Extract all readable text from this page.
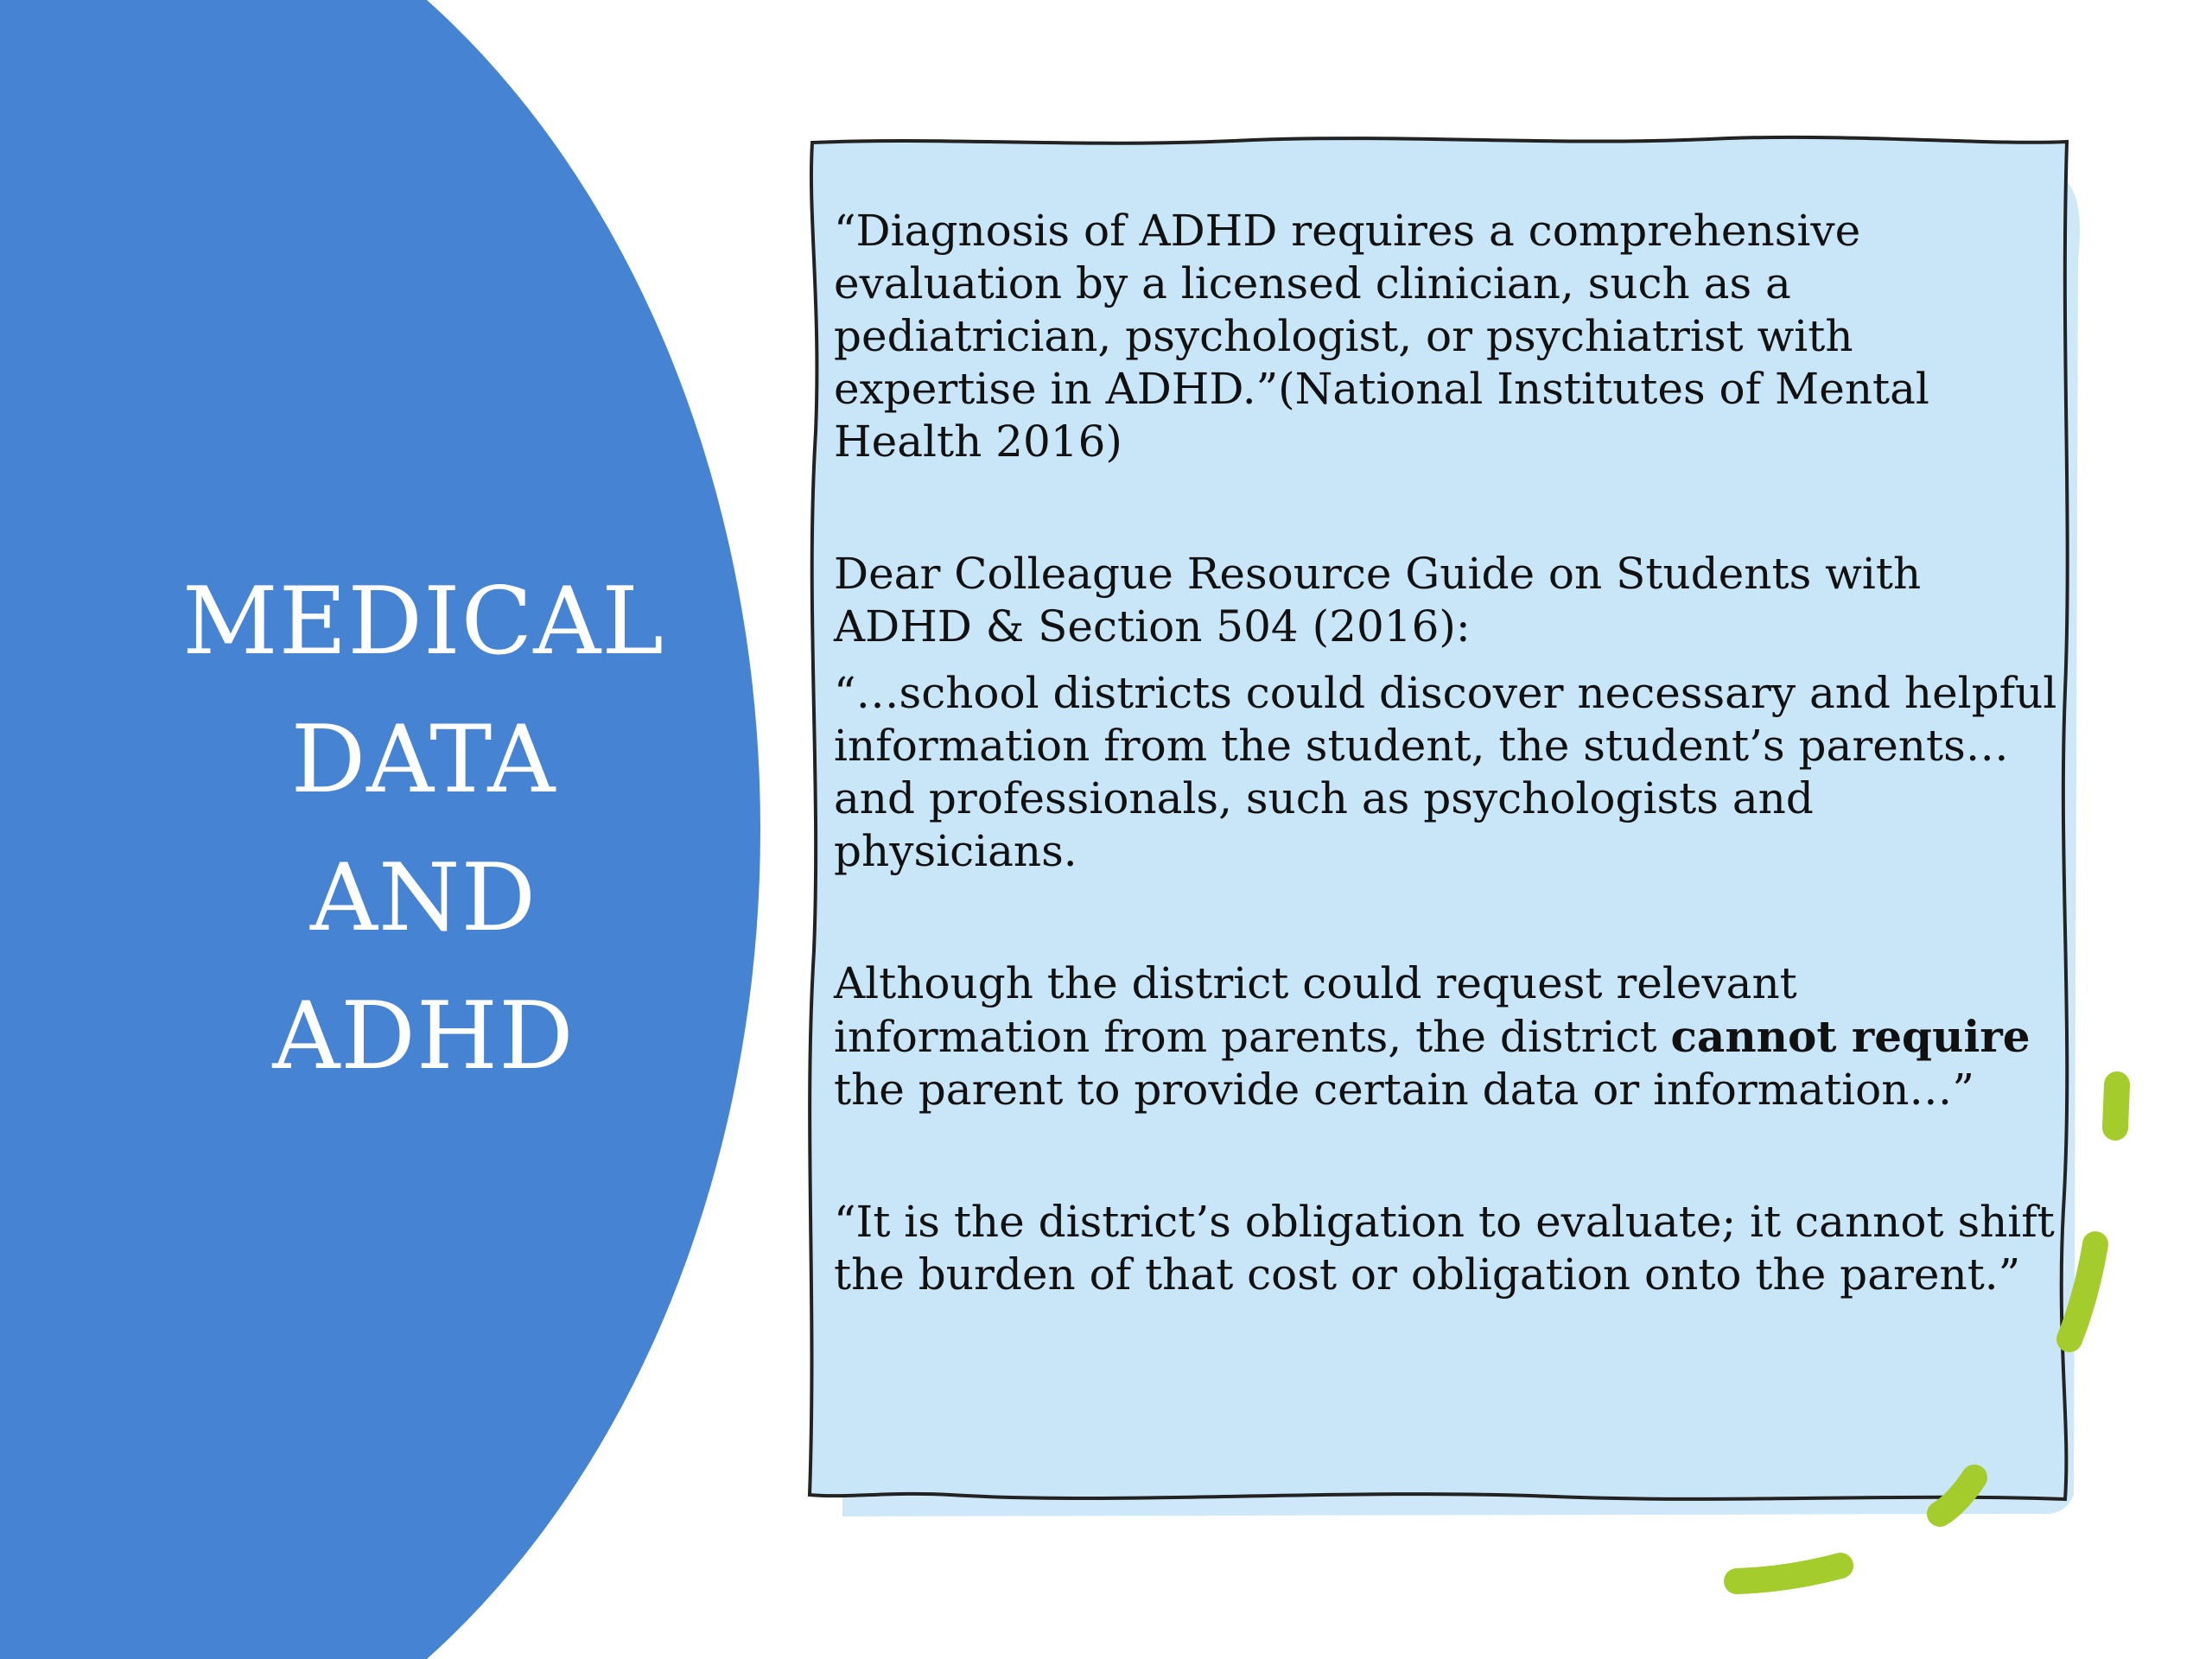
MEDICAL
DATA
AND
ADHD

“Diagnosis of ADHD requires a comprehensive evaluation by a licensed clinician, such as a pediatrician, psychologist, or psychiatrist with expertise in ADHD.”(National Institutes of Mental Health 2016)

Dear Colleague Resource Guide on Students with ADHD & Section 504 (2016):

“…school districts could discover necessary and helpful information from the student, the student’s parents…and professionals, such as psychologists and physicians.

Although the district could request relevant information from parents, the district cannot require the parent to provide certain data or information…”

“It is the district’s obligation to evaluate; it cannot shift the burden of that cost or obligation onto the parent.”
